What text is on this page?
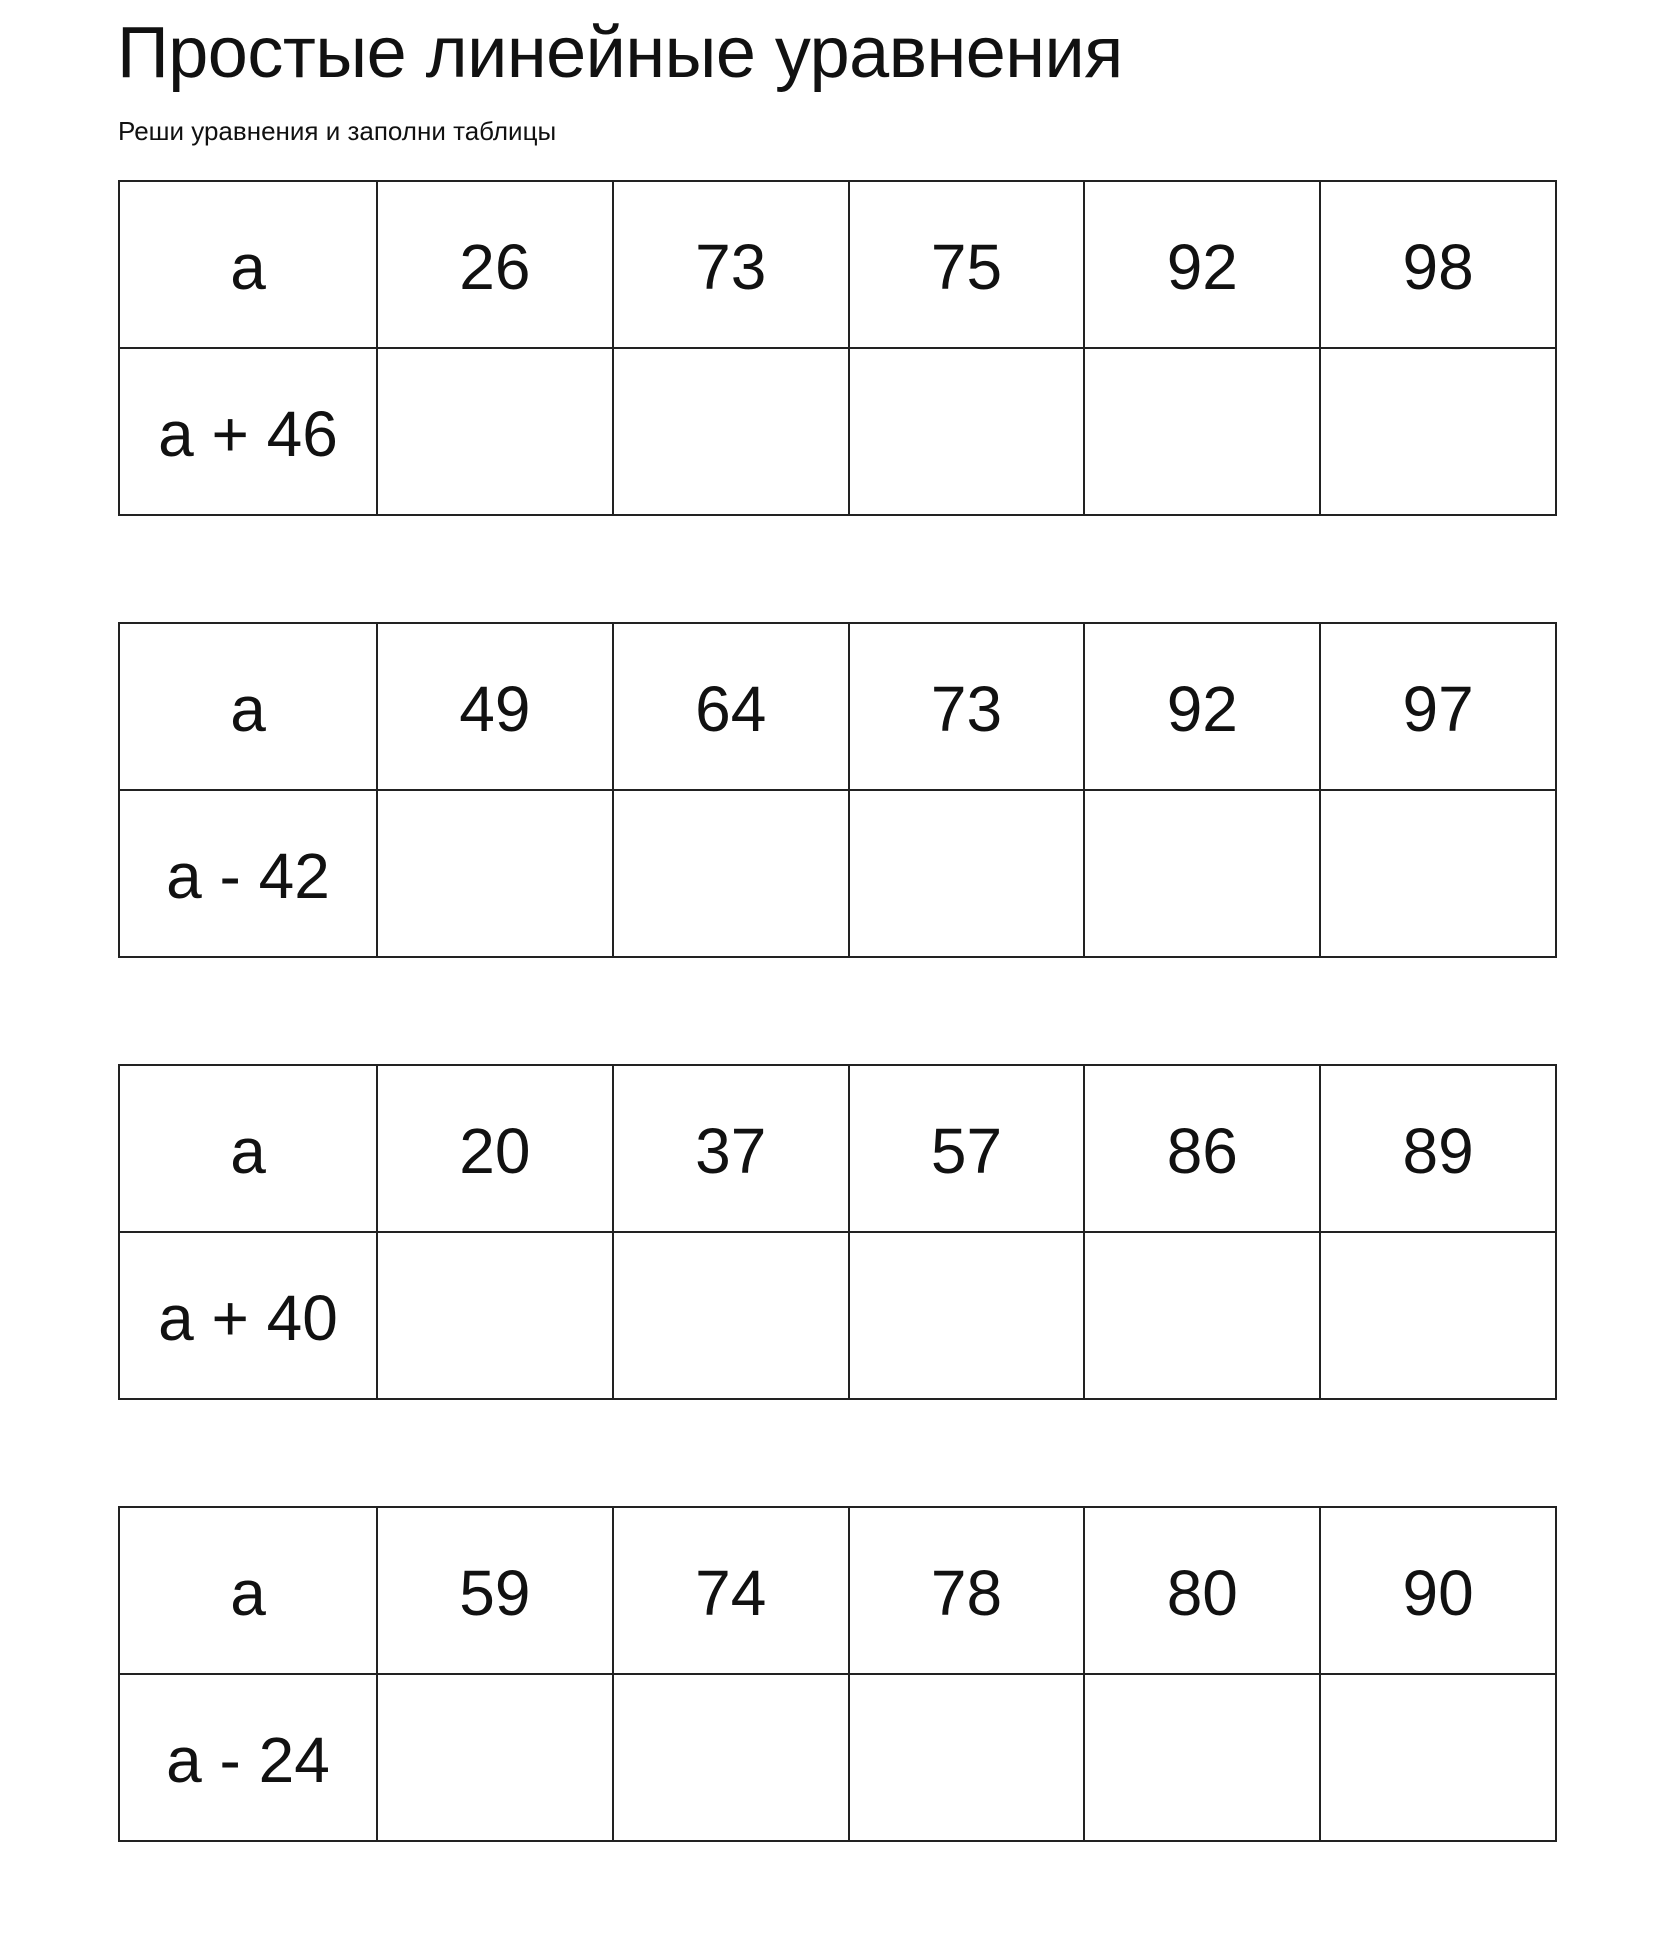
Простые линейные уравнения
Реши уравнения и заполни таблицы
a	26	73	75	92	98
a + 46					
a	49	64	73	92	97
a - 42					
a	20	37	57	86	89
a + 40					
a	59	74	78	80	90
a - 24					
